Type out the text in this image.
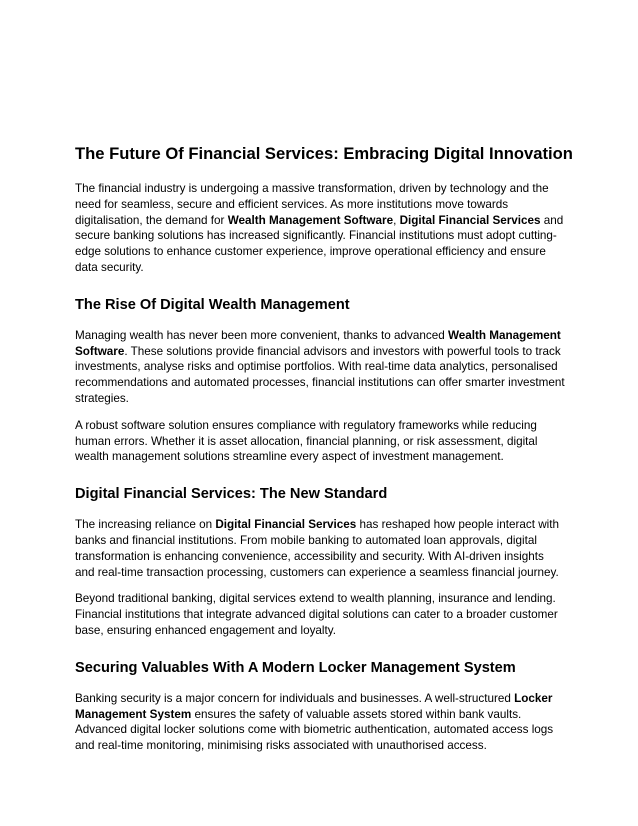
The Future Of Financial Services: Embracing Digital Innovation

The financial industry is undergoing a massive transformation, driven by technology and the need for seamless, secure and efficient services. As more institutions move towards digitalisation, the demand for Wealth Management Software, Digital Financial Services and secure banking solutions has increased significantly. Financial institutions must adopt cutting-edge solutions to enhance customer experience, improve operational efficiency and ensure data security.

The Rise Of Digital Wealth Management

Managing wealth has never been more convenient, thanks to advanced Wealth Management Software. These solutions provide financial advisors and investors with powerful tools to track investments, analyse risks and optimise portfolios. With real-time data analytics, personalised recommendations and automated processes, financial institutions can offer smarter investment strategies.

A robust software solution ensures compliance with regulatory frameworks while reducing human errors. Whether it is asset allocation, financial planning, or risk assessment, digital wealth management solutions streamline every aspect of investment management.

Digital Financial Services: The New Standard

The increasing reliance on Digital Financial Services has reshaped how people interact with banks and financial institutions. From mobile banking to automated loan approvals, digital transformation is enhancing convenience, accessibility and security. With AI-driven insights and real-time transaction processing, customers can experience a seamless financial journey.

Beyond traditional banking, digital services extend to wealth planning, insurance and lending. Financial institutions that integrate advanced digital solutions can cater to a broader customer base, ensuring enhanced engagement and loyalty.

Securing Valuables With A Modern Locker Management System

Banking security is a major concern for individuals and businesses. A well-structured Locker Management System ensures the safety of valuable assets stored within bank vaults. Advanced digital locker solutions come with biometric authentication, automated access logs and real-time monitoring, minimising risks associated with unauthorised access.
